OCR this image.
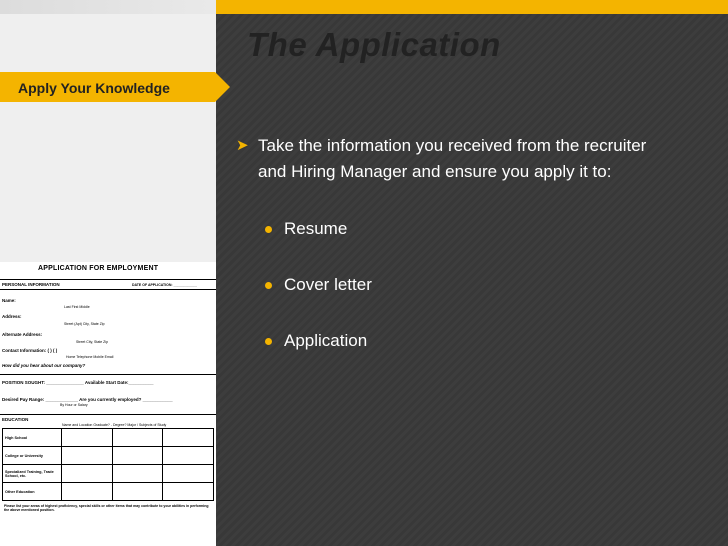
The Application
Apply Your Knowledge
➤ Take the information you received from the recruiter and Hiring Manager and ensure you apply it to:
Resume
Cover letter
Application
APPLICATION FOR EMPLOYMENT
PERSONAL INFORMATION	DATE OF APPLICATION: ____________
Name:
Last First Middle
Address:
Street (Apt) City, State Zip
Alternate Address:
Street City, State Zip
Contact Information: ( ) ( )
Home Telephone Mobile Email
How did you hear about our company?
POSITION SOUGHT: _______________ Available Start Date:__________
Desired Pay Range: _____________ Are you currently employed? ____________
By Hour or Salary
EDUCATION
Name and Location Graduate? - Degree? Major / Subjects of Study
High School			
College or University			
Specialized Training, Trade School, etc.			
Other Education			
Please list your areas of highest proficiency, special skills or other items that may contribute to your abilities in performing the above mentioned position.
